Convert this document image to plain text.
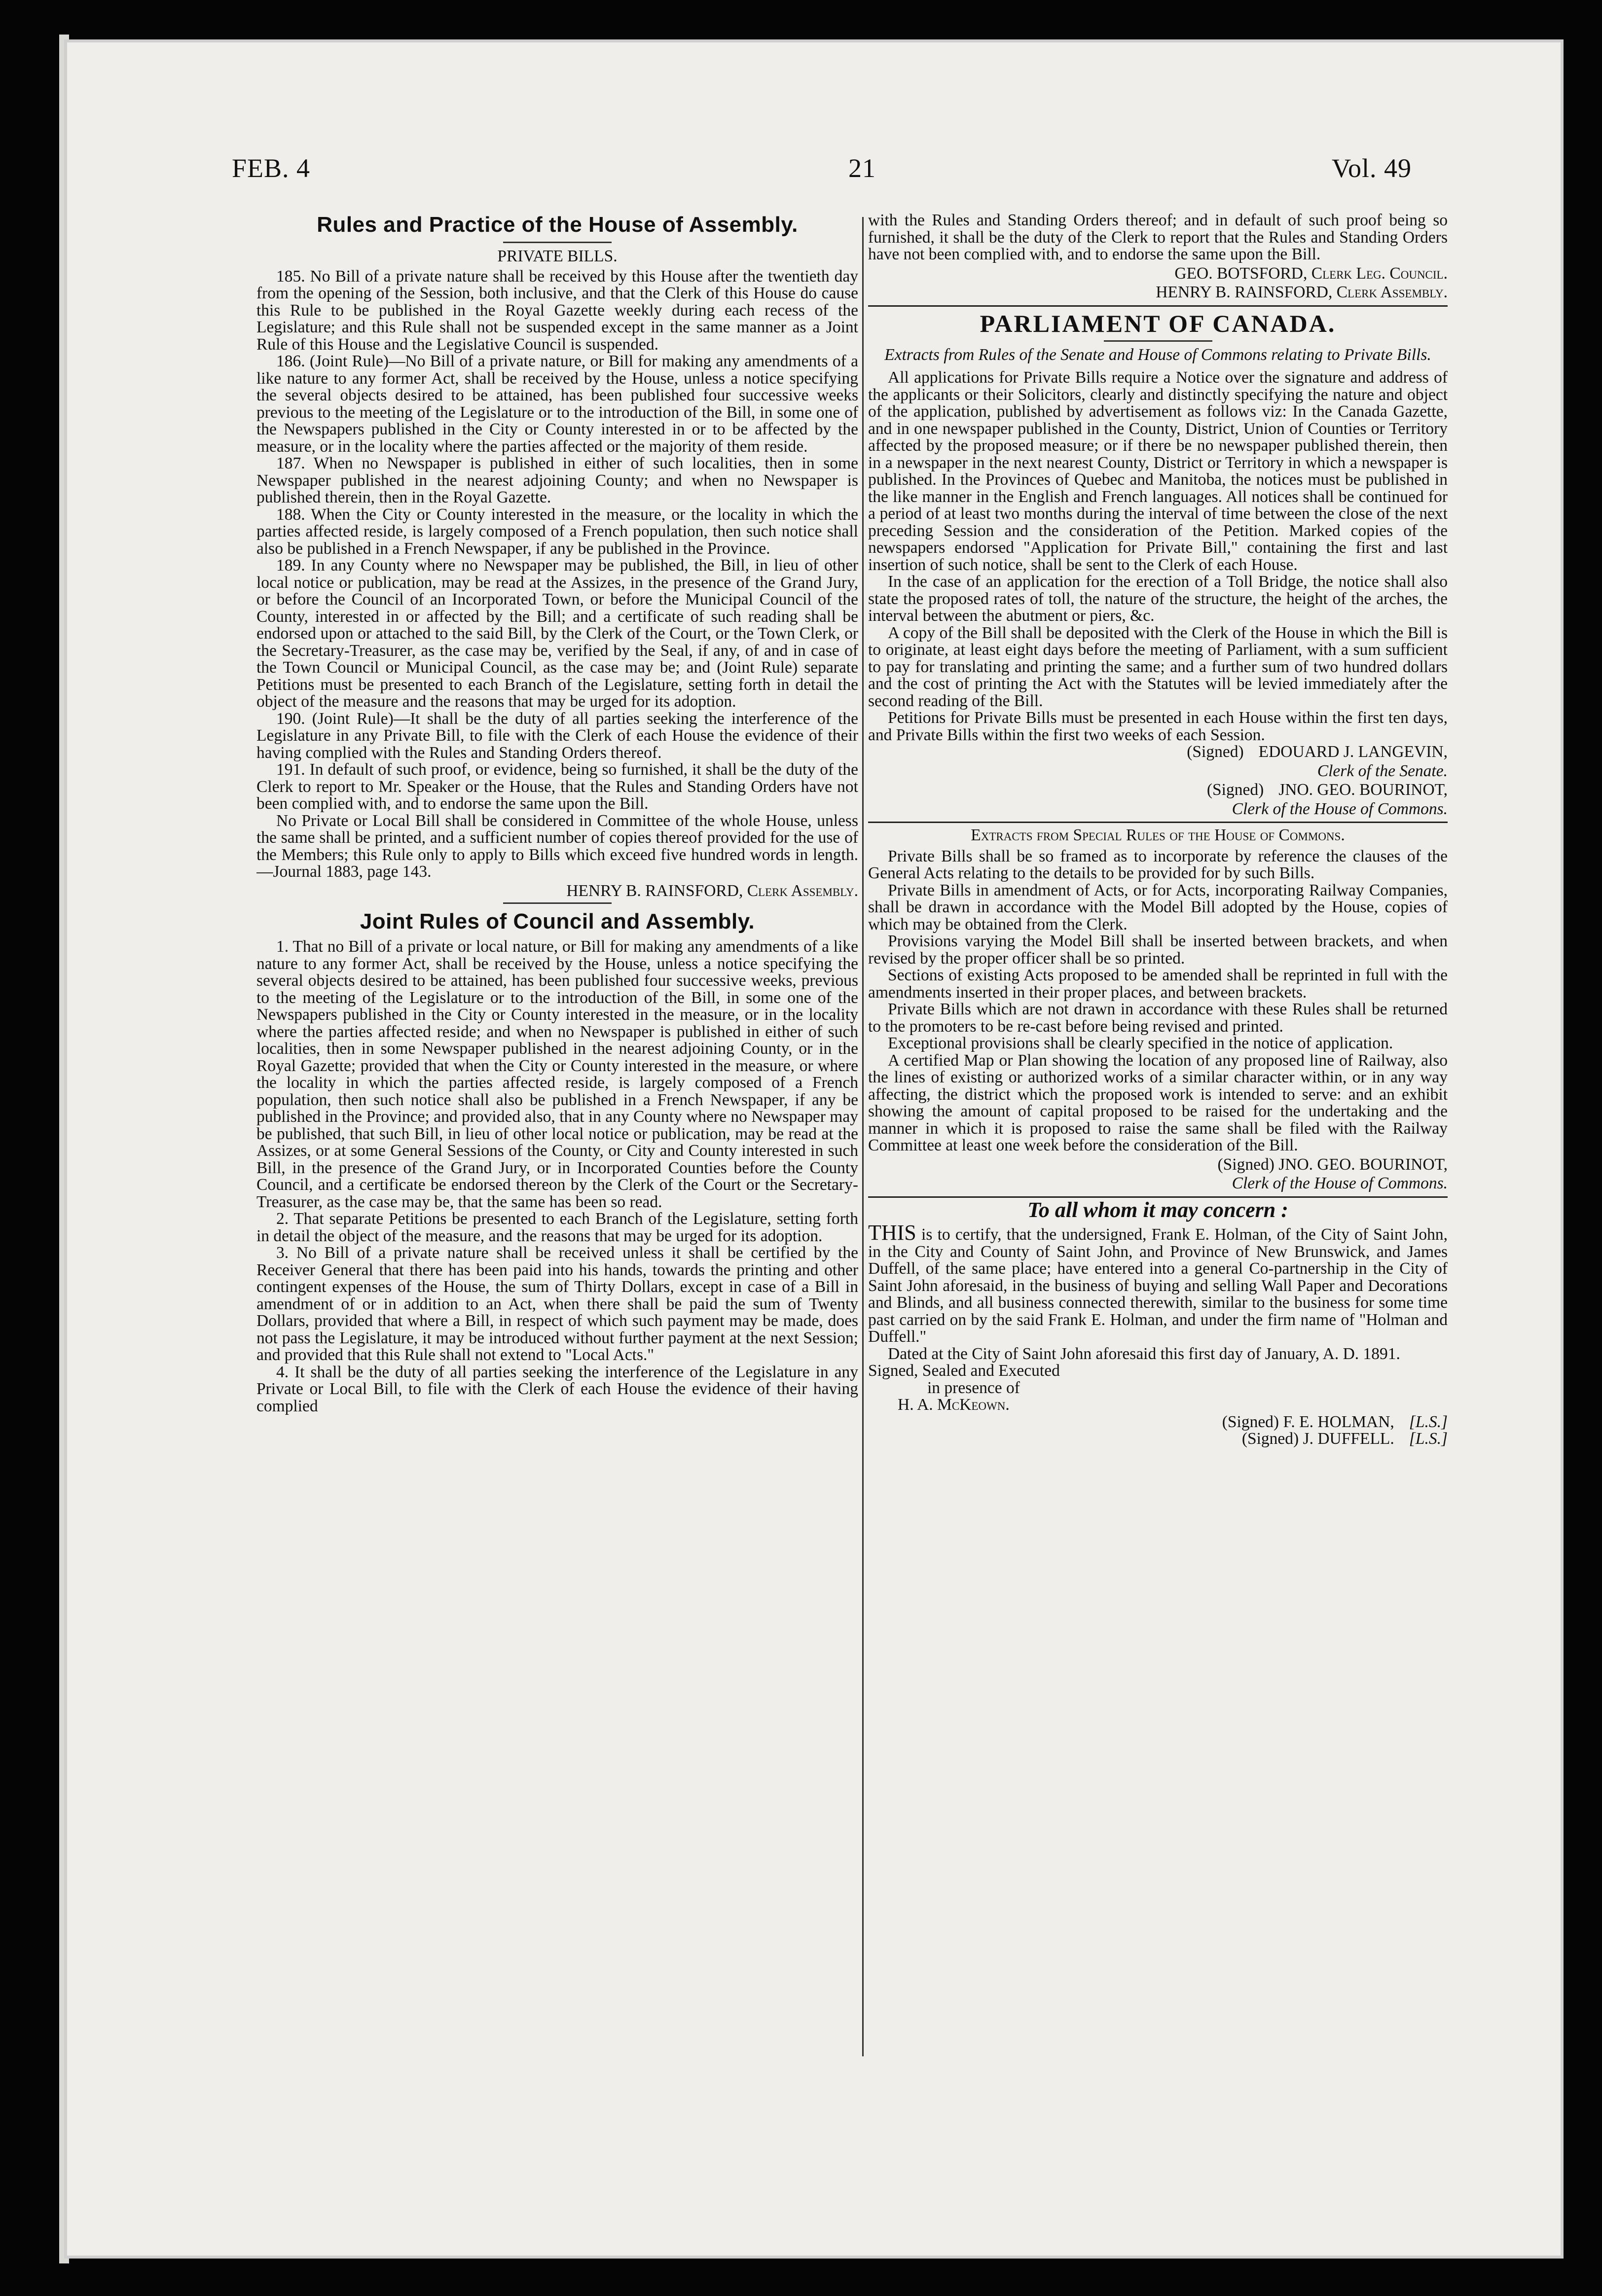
FEB. 4	21	Vol. 49
Rules and Practice of the House of Assembly.
PRIVATE BILLS.

185. No Bill of a private nature shall be received by this House after the twentieth day from the opening of the Session, both inclusive, and that the Clerk of this House do cause this Rule to be published in the Royal Gazette weekly during each recess of the Legislature; and this Rule shall not be suspended except in the same manner as a Joint Rule of this House and the Legislative Council is suspended.

186. (Joint Rule)—No Bill of a private nature, or Bill for making any amendments of a like nature to any former Act, shall be received by the House, unless a notice specifying the several objects desired to be attained, has been published four successive weeks previous to the meeting of the Legislature or to the introduction of the Bill, in some one of the Newspapers published in the City or County interested in or to be affected by the measure, or in the locality where the parties affected or the majority of them reside.

187. When no Newspaper is published in either of such localities, then in some Newspaper published in the nearest adjoining County; and when no Newspaper is published therein, then in the Royal Gazette.

188. When the City or County interested in the measure, or the locality in which the parties affected reside, is largely composed of a French population, then such notice shall also be published in a French Newspaper, if any be published in the Province.

189. In any County where no Newspaper may be published, the Bill, in lieu of other local notice or publication, may be read at the Assizes, in the presence of the Grand Jury, or before the Council of an Incorporated Town, or before the Municipal Council of the County, interested in or affected by the Bill; and a certificate of such reading shall be endorsed upon or attached to the said Bill, by the Clerk of the Court, or the Town Clerk, or the Secretary-Treasurer, as the case may be, verified by the Seal, if any, of and in case of the Town Council or Municipal Council, as the case may be; and (Joint Rule) separate Petitions must be presented to each Branch of the Legislature, setting forth in detail the object of the measure and the reasons that may be urged for its adoption.

190. (Joint Rule)—It shall be the duty of all parties seeking the interference of the Legislature in any Private Bill, to file with the Clerk of each House the evidence of their having complied with the Rules and Standing Orders thereof.

191. In default of such proof, or evidence, being so furnished, it shall be the duty of the Clerk to report to Mr. Speaker or the House, that the Rules and Standing Orders have not been complied with, and to endorse the same upon the Bill.

No Private or Local Bill shall be considered in Committee of the whole House, unless the same shall be printed, and a sufficient number of copies thereof provided for the use of the Members; this Rule only to apply to Bills which exceed five hundred words in length.—Journal 1883, page 143.

HENRY B. RAINSFORD, Clerk Assembly.
Joint Rules of Council and Assembly.

1. That no Bill of a private or local nature, or Bill for making any amendments of a like nature to any former Act, shall be received by the House, unless a notice specifying the several objects desired to be attained, has been published four successive weeks, previous to the meeting of the Legislature or to the introduction of the Bill, in some one of the Newspapers published in the City or County interested in the measure, or in the locality where the parties affected reside; and when no Newspaper is published in either of such localities, then in some Newspaper published in the nearest adjoining County, or in the Royal Gazette; provided that when the City or County interested in the measure, or where the locality in which the parties affected reside, is largely composed of a French population, then such notice shall also be published in a French Newspaper, if any be published in the Province; and provided also, that in any County where no Newspaper may be published, that such Bill, in lieu of other local notice or publication, may be read at the Assizes, or at some General Sessions of the County, or City and County interested in such Bill, in the presence of the Grand Jury, or in Incorporated Counties before the County Council, and a certificate be endorsed thereon by the Clerk of the Court or the Secretary-Treasurer, as the case may be, that the same has been so read.

2. That separate Petitions be presented to each Branch of the Legislature, setting forth in detail the object of the measure, and the reasons that may be urged for its adoption.

3. No Bill of a private nature shall be received unless it shall be certified by the Receiver General that there has been paid into his hands, towards the printing and other contingent expenses of the House, the sum of Thirty Dollars, except in case of a Bill in amendment of or in addition to an Act, when there shall be paid the sum of Twenty Dollars, provided that where a Bill, in respect of which such payment may be made, does not pass the Legislature, it may be introduced without further payment at the next Session; and provided that this Rule shall not extend to "Local Acts."

4. It shall be the duty of all parties seeking the interference of the Legislature in any Private or Local Bill, to file with the Clerk of each House the evidence of their having complied

with the Rules and Standing Orders thereof; and in default of such proof being so furnished, it shall be the duty of the Clerk to report that the Rules and Standing Orders have not been complied with, and to endorse the same upon the Bill.

GEO. BOTSFORD, Clerk Leg. Council.
HENRY B. RAINSFORD, Clerk Assembly.
PARLIAMENT OF CANADA.
Extracts from Rules of the Senate and House of Commons relating to Private Bills.

All applications for Private Bills require a Notice over the signature and address of the applicants or their Solicitors, clearly and distinctly specifying the nature and object of the application, published by advertisement as follows viz: In the Canada Gazette, and in one newspaper published in the County, District, Union of Counties or Territory affected by the proposed measure; or if there be no newspaper published therein, then in a newspaper in the next nearest County, District or Territory in which a newspaper is published. In the Provinces of Quebec and Manitoba, the notices must be published in the like manner in the English and French languages. All notices shall be continued for a period of at least two months during the interval of time between the close of the next preceding Session and the consideration of the Petition. Marked copies of the newspapers endorsed "Application for Private Bill," containing the first and last insertion of such notice, shall be sent to the Clerk of each House.

In the case of an application for the erection of a Toll Bridge, the notice shall also state the proposed rates of toll, the nature of the structure, the height of the arches, the interval between the abutment or piers, &c.

A copy of the Bill shall be deposited with the Clerk of the House in which the Bill is to originate, at least eight days before the meeting of Parliament, with a sum sufficient to pay for translating and printing the same; and a further sum of two hundred dollars and the cost of printing the Act with the Statutes will be levied immediately after the second reading of the Bill.

Petitions for Private Bills must be presented in each House within the first ten days, and Private Bills within the first two weeks of each Session.

(Signed) EDOUARD J. LANGEVIN,
Clerk of the Senate.
(Signed) JNO. GEO. BOURINOT,
Clerk of the House of Commons.
Extracts from Special Rules of the House of Commons.

Private Bills shall be so framed as to incorporate by reference the clauses of the General Acts relating to the details to be provided for by such Bills.

Private Bills in amendment of Acts, or for Acts, incorporating Railway Companies, shall be drawn in accordance with the Model Bill adopted by the House, copies of which may be obtained from the Clerk.

Provisions varying the Model Bill shall be inserted between brackets, and when revised by the proper officer shall be so printed.

Sections of existing Acts proposed to be amended shall be reprinted in full with the amendments inserted in their proper places, and between brackets.

Private Bills which are not drawn in accordance with these Rules shall be returned to the promoters to be re-cast before being revised and printed.

Exceptional provisions shall be clearly specified in the notice of application.

A certified Map or Plan showing the location of any proposed line of Railway, also the lines of existing or authorized works of a similar character within, or in any way affecting, the district which the proposed work is intended to serve: and an exhibit showing the amount of capital proposed to be raised for the undertaking and the manner in which it is proposed to raise the same shall be filed with the Railway Committee at least one week before the consideration of the Bill.

(Signed) JNO. GEO. BOURINOT,
Clerk of the House of Commons.
To all whom it may concern :

THIS is to certify, that the undersigned, Frank E. Holman, of the City of Saint John, in the City and County of Saint John, and Province of New Brunswick, and James Duffell, of the same place; have entered into a general Co-partnership in the City of Saint John aforesaid, in the business of buying and selling Wall Paper and Decorations and Blinds, and all business connected therewith, similar to the business for some time past carried on by the said Frank E. Holman, and under the firm name of "Holman and Duffell."

Dated at the City of Saint John aforesaid this first day of January, A. D. 1891.

Signed, Sealed and Executed
in presence of
H. A. McKeown.
(Signed) F. E. HOLMAN, [L.S.]
(Signed) J. DUFFELL. [L.S.]
